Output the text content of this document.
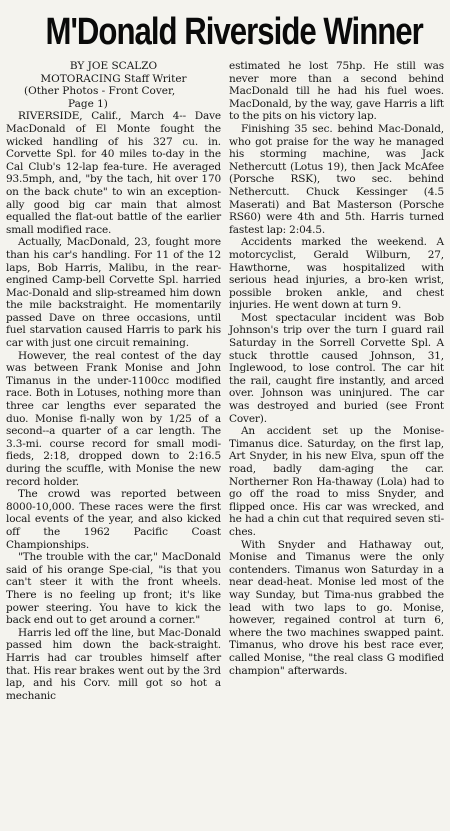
M'Donald Riverside Winner
BY JOE SCALZO
MOTORACING Staff Writer
(Other Photos - Front Cover,
Page 1)

RIVERSIDE, Calif., March 4-- Dave MacDonald of El Monte fought the wicked handling of his 327 cu. in. Corvette Spl. for 40 miles to-day in the Cal Club's 12-lap fea-ture. He averaged 93.5mph, and, "by the tach, hit over 170 on the back chute" to win an exception-ally good big car main that almost equalled the flat-out battle of the earlier small modified race.

Actually, MacDonald, 23, fought more than his car's handling. For 11 of the 12 laps, Bob Harris, Malibu, in the rear-engined Camp-bell Corvette Spl. harried Mac-Donald and slip-streamed him down the mile backstraight. He momentarily passed Dave on three occasions, until fuel starvation caused Harris to park his car with just one circuit remaining.

However, the real contest of the day was between Frank Monise and John Timanus in the under-1100cc modified race. Both in Lotuses, nothing more than three car lengths ever separated the duo. Monise fi-nally won by 1/25 of a second--a quarter of a car length. The 3.3-mi. course record for small modi-fieds, 2:18, dropped down to 2:16.5 during the scuffle, with Monise the new record holder.

The crowd was reported between 8000-10,000. These races were the first local events of the year, and also kicked off the 1962 Pacific Coast Championships.

"The trouble with the car," MacDonald said of his orange Spe-cial, "is that you can't steer it with the front wheels. There is no feeling up front; it's like power steering. You have to kick the back end out to get around a corner."

Harris led off the line, but Mac-Donald passed him down the back-straight. Harris had car troubles himself after that. His rear brakes went out by the 3rd lap, and his Corv. mill got so hot a mechanic

estimated he lost 75hp. He still was never more than a second behind MacDonald till he had his fuel woes. MacDonald, by the way, gave Harris a lift to the pits on his victory lap.

Finishing 35 sec. behind Mac-Donald, who got praise for the way he managed his storming machine, was Jack Nethercutt (Lotus 19), then Jack McAfee (Porsche RSK), two sec. behind Nethercutt. Chuck Kessinger (4.5 Maserati) and Bat Masterson (Porsche RS60) were 4th and 5th. Harris turned fastest lap: 2:04.5.

Accidents marked the weekend. A motorcyclist, Gerald Wilburn, 27, Hawthorne, was hospitalized with serious head injuries, a bro-ken wrist, possible broken ankle, and chest injuries. He went down at turn 9.

Most spectacular incident was Bob Johnson's trip over the turn I guard rail Saturday in the Sorrell Corvette Spl. A stuck throttle caused Johnson, 31, Inglewood, to lose control. The car hit the rail, caught fire instantly, and arced over. Johnson was uninjured. The car was destroyed and buried (see Front Cover).

An accident set up the Monise-Timanus dice. Saturday, on the first lap, Art Snyder, in his new Elva, spun off the road, badly dam-aging the car. Northerner Ron Ha-thaway (Lola) had to go off the road to miss Snyder, and flipped once. His car was wrecked, and he had a chin cut that required seven sti-ches.

With Snyder and Hathaway out, Monise and Timanus were the only contenders. Timanus won Saturday in a near dead-heat. Monise led most of the way Sunday, but Tima-nus grabbed the lead with two laps to go. Monise, however, regained control at turn 6, where the two machines swapped paint. Timanus, who drove his best race ever, called Monise, "the real class G modified champion" afterwards.
